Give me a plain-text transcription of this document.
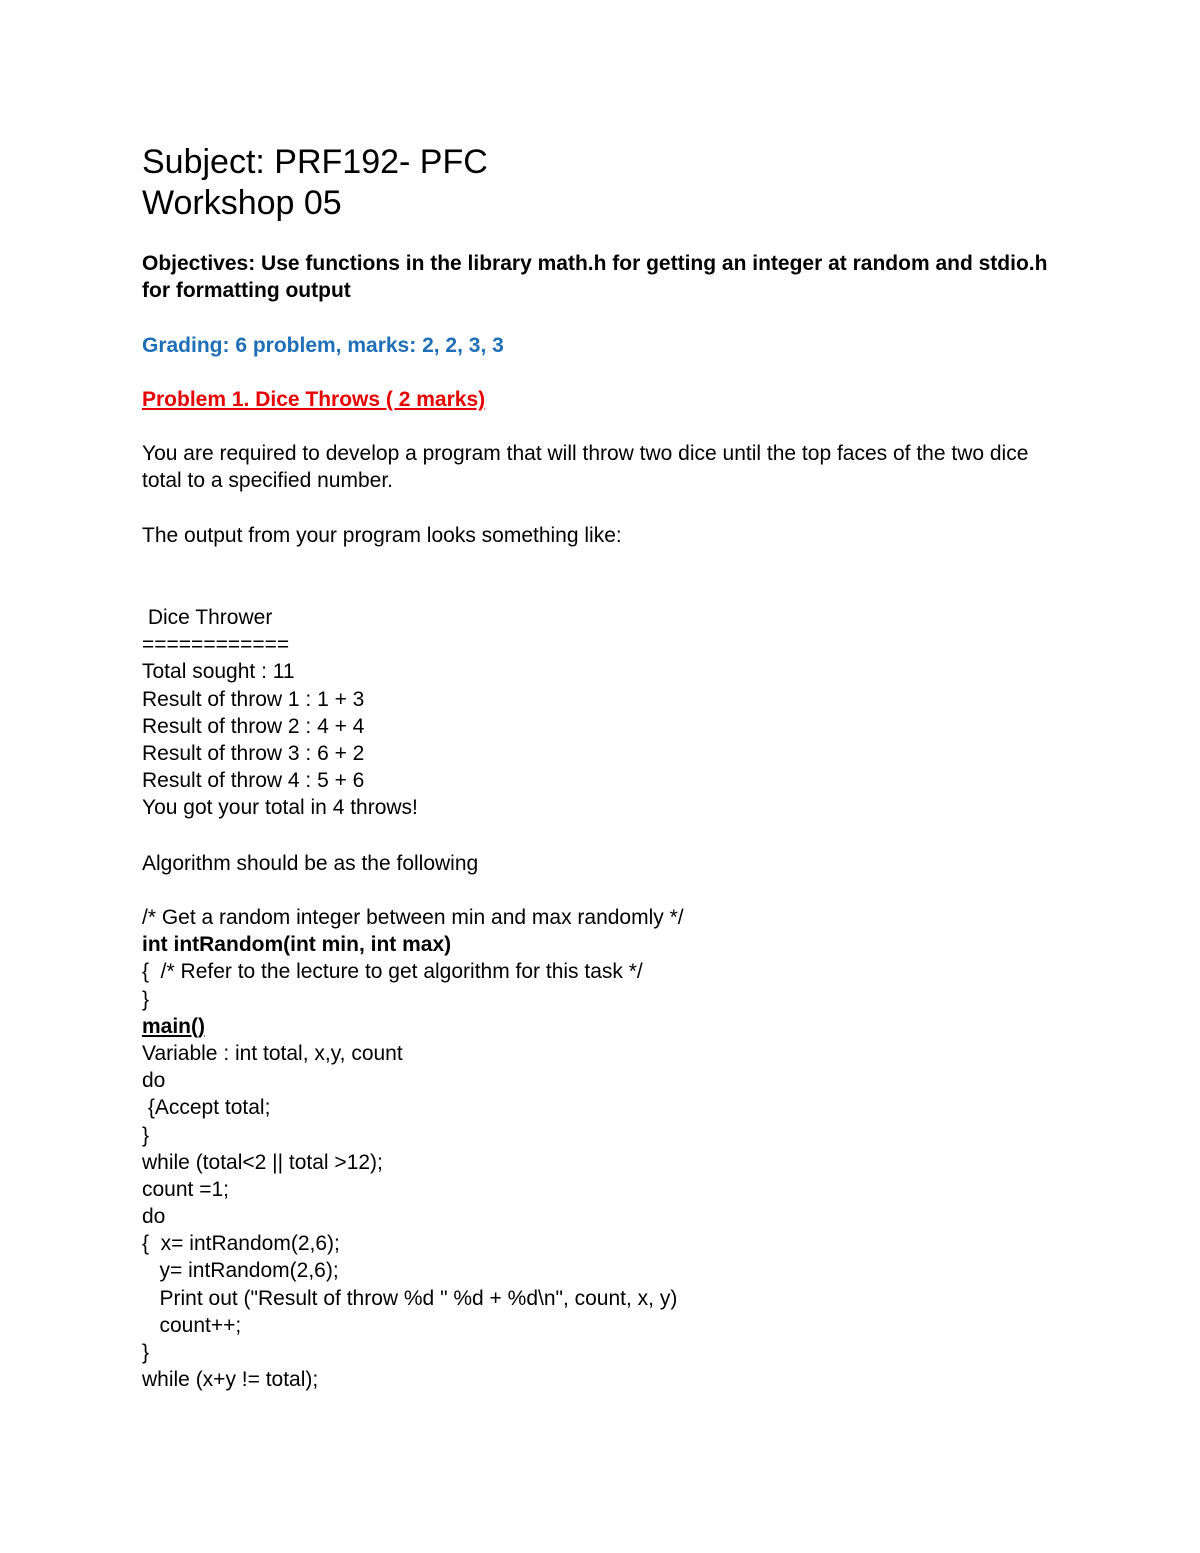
Subject: PRF192- PFC
Workshop 05

Objectives: Use functions in the library math.h for getting an integer at random and stdio.h for formatting output

Grading: 6 problem, marks: 2, 2, 3, 3

Problem 1. Dice Throws ( 2 marks)

You are required to develop a program that will throw two dice until the top faces of the two dice total to a specified number.

The output from your program looks something like:

Dice Thrower
============
Total sought : 11
Result of throw 1 : 1 + 3
Result of throw 2 : 4 + 4
Result of throw 3 : 6 + 2
Result of throw 4 : 5 + 6
You got your total in 4 throws!

Algorithm should be as the following

/* Get a random integer between min and max randomly */
int intRandom(int min, int max)
{  /* Refer to the lecture to get algorithm for this task */
}
main()
Variable : int total, x,y, count
do
{Accept total;
}
while (total<2 || total >12);
count =1;
do
{  x= intRandom(2,6);
y= intRandom(2,6);
Print out ("Result of throw %d " %d + %d\n", count, x, y)
count++;
}
while (x+y != total);
